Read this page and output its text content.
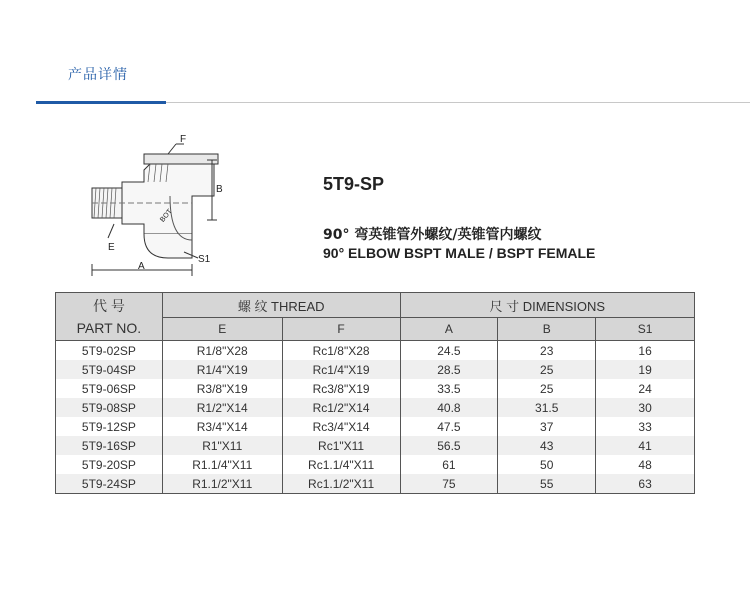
产品详情
F
B
E
A
S1
BOT
5T9-SP
90° 弯英锥管外螺纹/英锥管内螺纹
90° ELBOW BSPT MALE / BSPT FEMALE
代 号
PART NO.	螺 纹 THREAD		尺 寸 DIMENSIONS		
	E	F	A	B	S1
5T9-02SP	R1/8"X28	Rc1/8"X28	24.5	23	16
5T9-04SP	R1/4"X19	Rc1/4"X19	28.5	25	19
5T9-06SP	R3/8"X19	Rc3/8"X19	33.5	25	24
5T9-08SP	R1/2"X14	Rc1/2"X14	40.8	31.5	30
5T9-12SP	R3/4"X14	Rc3/4"X14	47.5	37	33
5T9-16SP	R1"X11	Rc1"X11	56.5	43	41
5T9-20SP	R1.1/4"X11	Rc1.1/4"X11	61	50	48
5T9-24SP	R1.1/2"X11	Rc1.1/2"X11	75	55	63
